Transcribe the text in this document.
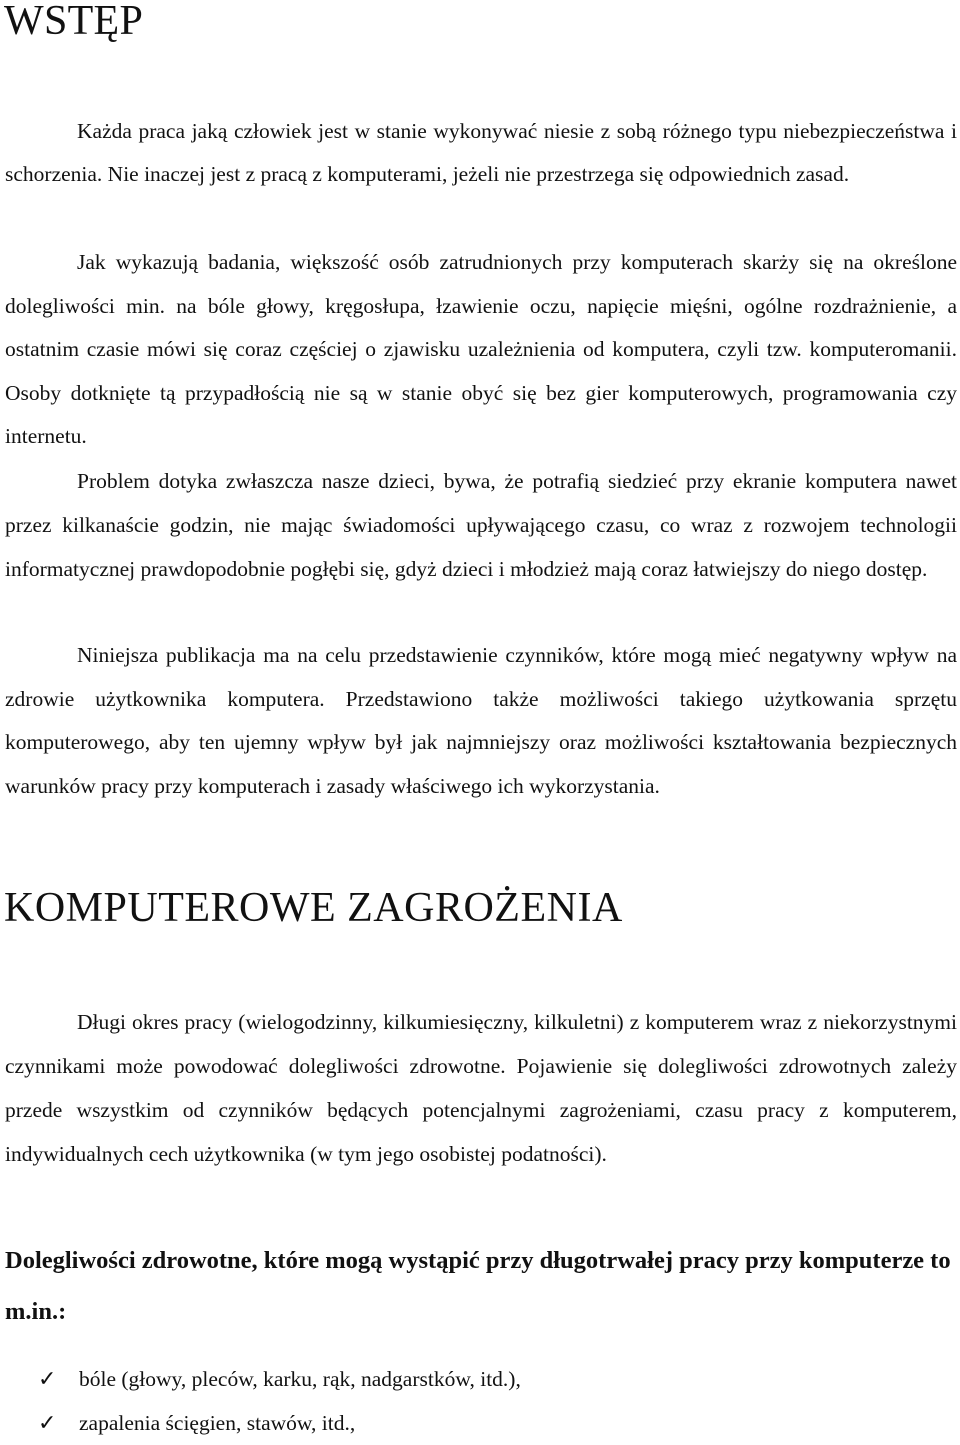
WSTĘP

Każda praca jaką człowiek jest w stanie wykonywać niesie z sobą różnego typu niebezpieczeństwa i schorzenia. Nie inaczej jest z pracą z komputerami, jeżeli nie przestrzega się odpowiednich zasad.

Jak wykazują badania, większość osób zatrudnionych przy komputerach skarży się na określone dolegliwości min. na bóle głowy, kręgosłupa, łzawienie oczu, napięcie mięśni, ogólne rozdrażnienie, a ostatnim czasie mówi się coraz częściej o zjawisku uzależnienia od komputera, czyli tzw. komputeromanii. Osoby dotknięte tą przypadłością nie są w stanie obyć się bez gier komputerowych, programowania czy internetu.

Problem dotyka zwłaszcza nasze dzieci, bywa, że potrafią siedzieć przy ekranie komputera nawet przez kilkanaście godzin, nie mając świadomości upływającego czasu, co wraz z rozwojem technologii informatycznej prawdopodobnie pogłębi się, gdyż dzieci i młodzież mają coraz łatwiejszy do niego dostęp.

Niniejsza publikacja ma na celu przedstawienie czynników, które mogą mieć negatywny wpływ na zdrowie użytkownika komputera. Przedstawiono także możliwości takiego użytkowania sprzętu komputerowego, aby ten ujemny wpływ był jak najmniejszy oraz możliwości kształtowania bezpiecznych warunków pracy przy komputerach i zasady właściwego ich wykorzystania.

KOMPUTEROWE ZAGROŻENIA

Długi okres pracy (wielogodzinny, kilkumiesięczny, kilkuletni) z komputerem wraz z niekorzystnymi czynnikami może powodować dolegliwości zdrowotne. Pojawienie się dolegliwości zdrowotnych zależy przede wszystkim od czynników będących potencjalnymi zagrożeniami, czasu pracy z komputerem, indywidualnych cech użytkownika (w tym jego osobistej podatności).

Dolegliwości zdrowotne, które mogą wystąpić przy długotrwałej pracy przy komputerze to m.in.:
✓ bóle (głowy, pleców, karku, rąk, nadgarstków, itd.),
✓ zapalenia ścięgien, stawów, itd.,
